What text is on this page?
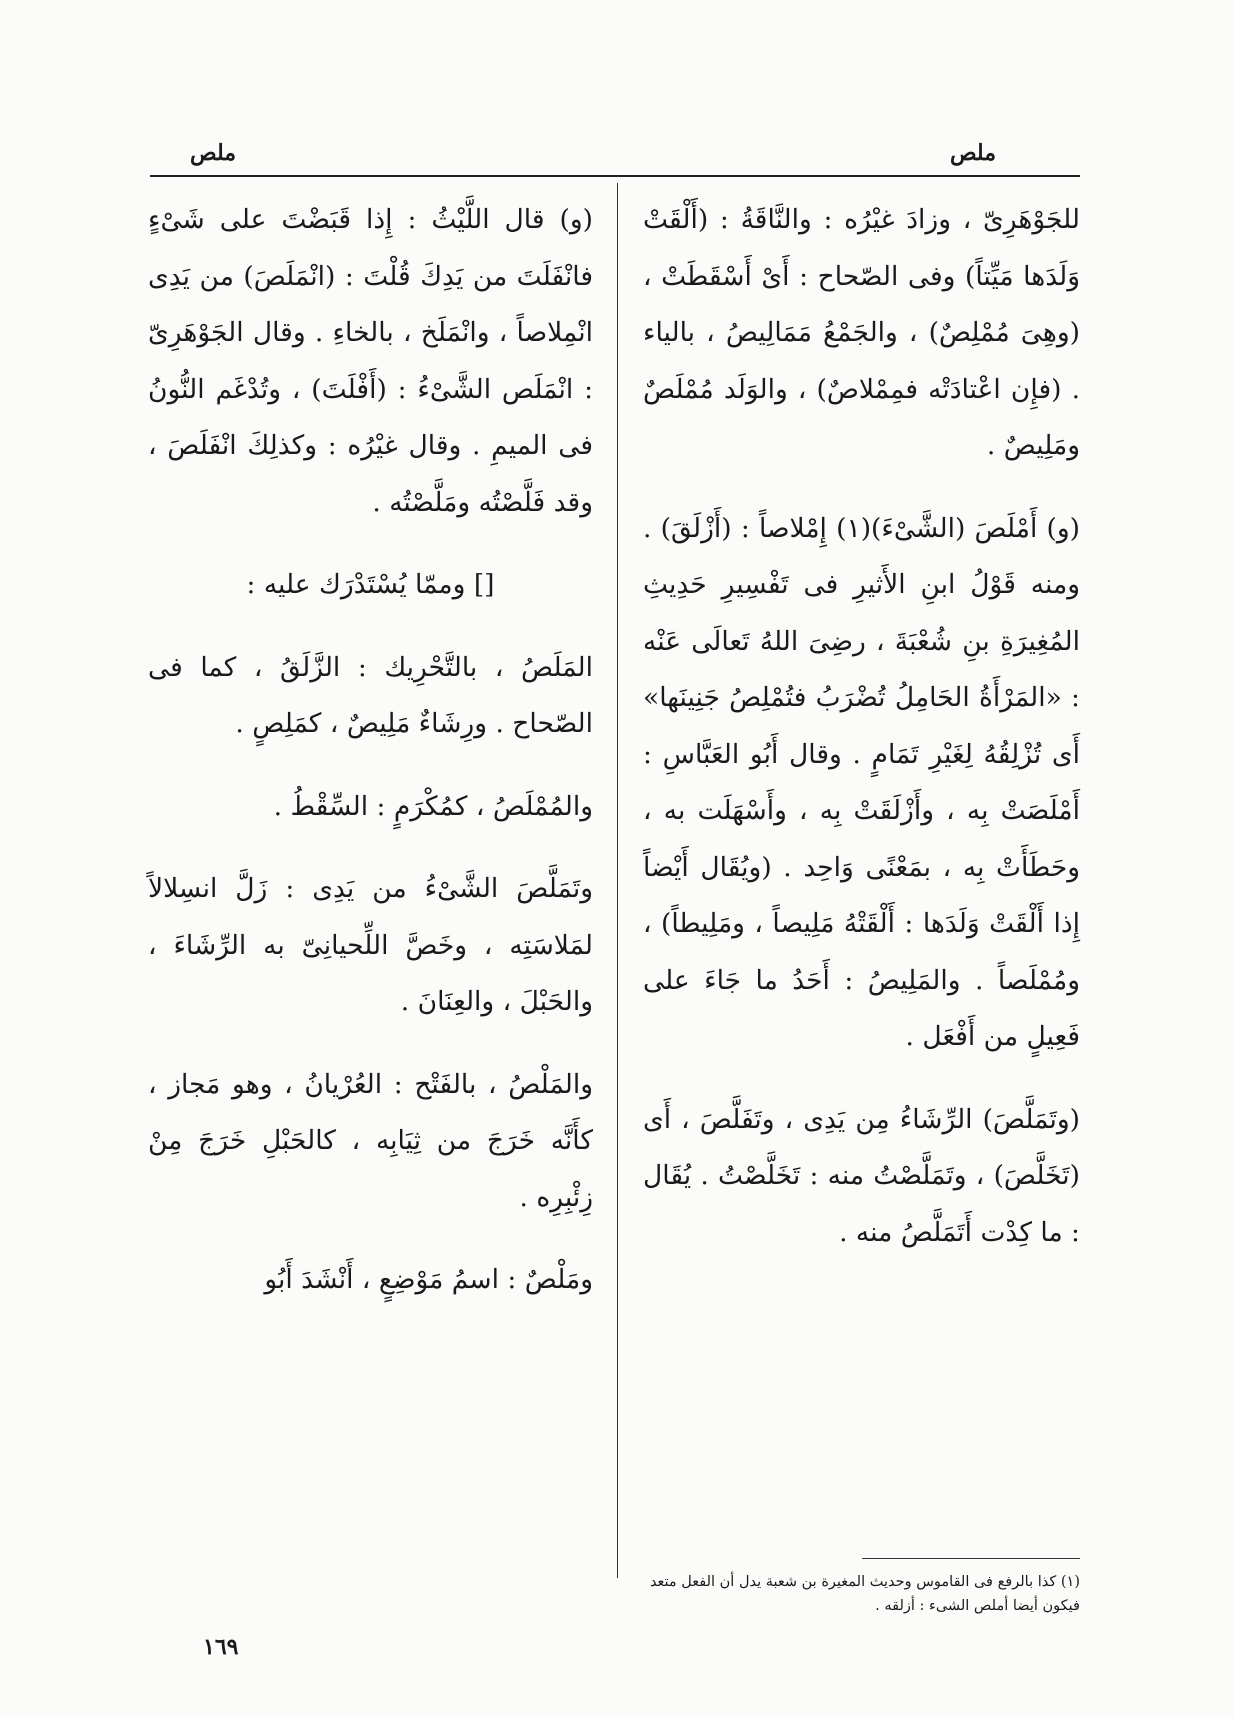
ملص
ملص

للجَوْهَرِىّ ، وزادَ غيْرُه : والنَّاقَةُ : (أَلْقَتْ وَلَدَها مَيِّتاً) وفى الصّحاح : أَىْ أَسْقَطَتْ ، (وهِىَ مُمْلِصٌ) ، والجَمْعُ مَمَالِيصُ ، بالياء . (فإِن اعْتادَتْه فمِمْلاصٌ) ، والوَلَد مُمْلَصٌ ومَلِيصٌ .

(و) أَمْلَصَ (الشَّىْءَ)(١) إِمْلاصاً : (أَزْلَقَ) . ومنه قَوْلُ ابنِ الأَثيرِ فى تَفْسِيرِ حَدِيثِ المُغِيرَةِ بنِ شُعْبَةَ ، رضِىَ اللهُ تَعالَى عَنْه : «المَرْأَةُ الحَامِلُ تُضْرَبُ فتُمْلِصُ جَنِينَها» أَى تُزْلِقُهُ لِغَيْرِ تَمَامٍ . وقال أَبُو العَبَّاسِ : أَمْلَصَتْ بِه ، وأَزْلَقَتْ بِه ، وأَسْهَلَت به ، وحَطَأَتْ بِه ، بمَعْنًى وَاحِد . (ويُقَال أَيْضاً إِذا أَلْقَتْ وَلَدَها : أَلْقَتْهُ مَلِيصاً ، ومَلِيطاً) ، ومُمْلَصاً . والمَلِيصُ : أَحَدُ ما جَاءَ على فَعِيلٍ من أَفْعَل .

(وتَمَلَّصَ) الرِّشَاءُ مِن يَدِى ، وتَفَلَّصَ ، أَى (تَخَلَّصَ) ، وتَمَلَّصْتُ منه : تَخَلَّصْتُ . يُقَال : ما كِدْت أَتَمَلَّصُ منه .

(و) قال اللَّيْثُ : إِذا قَبَضْتَ على شَىْءٍ فانْفَلَتَ من يَدِكَ قُلْتَ : (انْمَلَصَ) من يَدِى انْمِلاصاً ، وانْمَلَخ ، بالخاءِ . وقال الجَوْهَرِىّ : انْمَلَص الشَّىْءُ : (أَفْلَتَ) ، وتُدْغَم النُّونُ فى الميمِ . وقال غيْرُه : وكذلِكَ انْفَلَصَ ، وقد فَلَّصْتُه ومَلَّصْتُه .

[] وممّا يُسْتَدْرَك عليه :

المَلَصُ ، بالتَّحْرِيك : الزَّلَقُ ، كما فى الصّحاح . ورِشَاءٌ مَلِيصٌ ، كمَلِصٍ .

والمُمْلَصُ ، كمُكْرَمٍ : السِّقْطُ .

وتَمَلَّصَ الشَّىْءُ من يَدِى : زَلَّ انسِلالاً لمَلاسَتِه ، وخَصَّ اللِّحيانِىّ به الرِّشَاءَ ، والحَبْلَ ، والعِنَانَ .

والمَلْصُ ، بالفَتْح : العُرْيانُ ، وهو مَجاز ، كأَنَّه خَرَجَ من ثِيَابِه ، كالحَبْلِ خَرَجَ مِنْ زِئْبِرِه .

ومَلْصٌ : اسمُ مَوْضِعٍ ، أَنْشَدَ أَبُو

(١) كذا بالرفع فى القاموس وحديث المغيرة بن شعبة يدل أن الفعل متعد فيكون أيضا أملص الشىء : أزلقه .
١٦٩
